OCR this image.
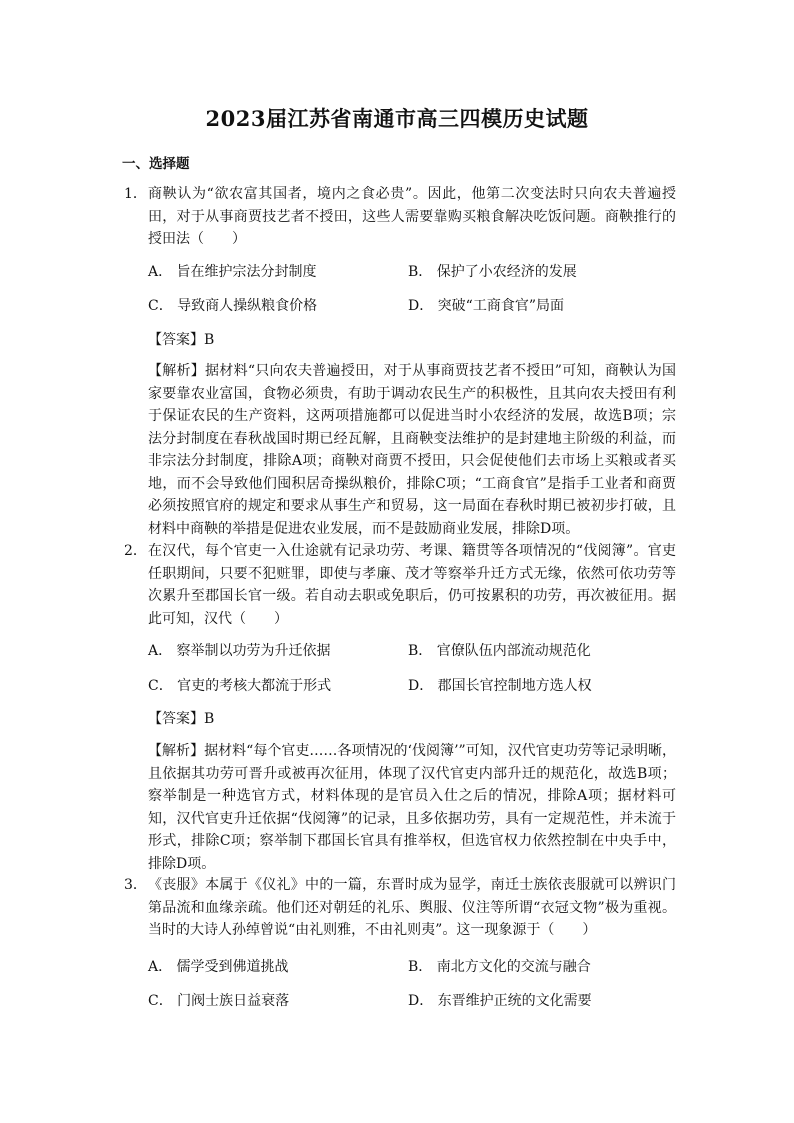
2023届江苏省南通市高三四模历史试题
一、选择题
1． 商鞅认为“欲农富其国者，境内之食必贵”。因此，他第二次变法时只向农夫普遍授田，对于从事商贾技艺者不授田，这些人需要靠购买粮食解决吃饭问题。商鞅推行的授田法（　　）
A． 旨在维护宗法分封制度	B． 保护了小农经济的发展
C． 导致商人操纵粮食价格	D． 突破“工商食官”局面
【答案】B
【解析】据材料“只向农夫普遍授田，对于从事商贾技艺者不授田”可知，商鞅认为国家要靠农业富国，食物必须贵，有助于调动农民生产的积极性，且其向农夫授田有利于保证农民的生产资料，这两项措施都可以促进当时小农经济的发展，故选B项；宗法分封制度在春秋战国时期已经瓦解，且商鞅变法维护的是封建地主阶级的利益，而非宗法分封制度，排除A项；商鞅对商贾不授田，只会促使他们去市场上买粮或者买地，而不会导致他们囤积居奇操纵粮价，排除C项；“工商食官”是指手工业者和商贾必须按照官府的规定和要求从事生产和贸易，这一局面在春秋时期已被初步打破，且材料中商鞅的举措是促进农业发展，而不是鼓励商业发展，排除D项。
2． 在汉代，每个官吏一入仕途就有记录功劳、考课、籍贯等各项情况的“伐阅簿”。官吏任职期间，只要不犯赃罪，即使与孝廉、茂才等察举升迁方式无缘，依然可依功劳等次累升至郡国长官一级。若自动去职或免职后，仍可按累积的功劳，再次被征用。据此可知，汉代（　　）
A． 察举制以功劳为升迁依据	B． 官僚队伍内部流动规范化
C． 官吏的考核大都流于形式	D． 郡国长官控制地方选人权
【答案】B
【解析】据材料“每个官吏……各项情况的‘伐阅簿’”可知，汉代官吏功劳等记录明晰，且依据其功劳可晋升或被再次征用，体现了汉代官吏内部升迁的规范化，故选B项；察举制是一种选官方式，材料体现的是官员入仕之后的情况，排除A项；据材料可知，汉代官吏升迁依据“伐阅簿”的记录，且多依据功劳，具有一定规范性，并未流于形式，排除C项；察举制下郡国长官具有推举权，但选官权力依然控制在中央手中，排除D项。
3． 《丧服》本属于《仪礼》中的一篇，东晋时成为显学，南迁士族依丧服就可以辨识门第品流和血缘亲疏。他们还对朝廷的礼乐、舆服、仪注等所谓“衣冠文物”极为重视。当时的大诗人孙绰曾说“由礼则雅，不由礼则夷”。这一现象源于（　　）
A． 儒学受到佛道挑战	B． 南北方文化的交流与融合
C． 门阀士族日益衰落	D． 东晋维护正统的文化需要
